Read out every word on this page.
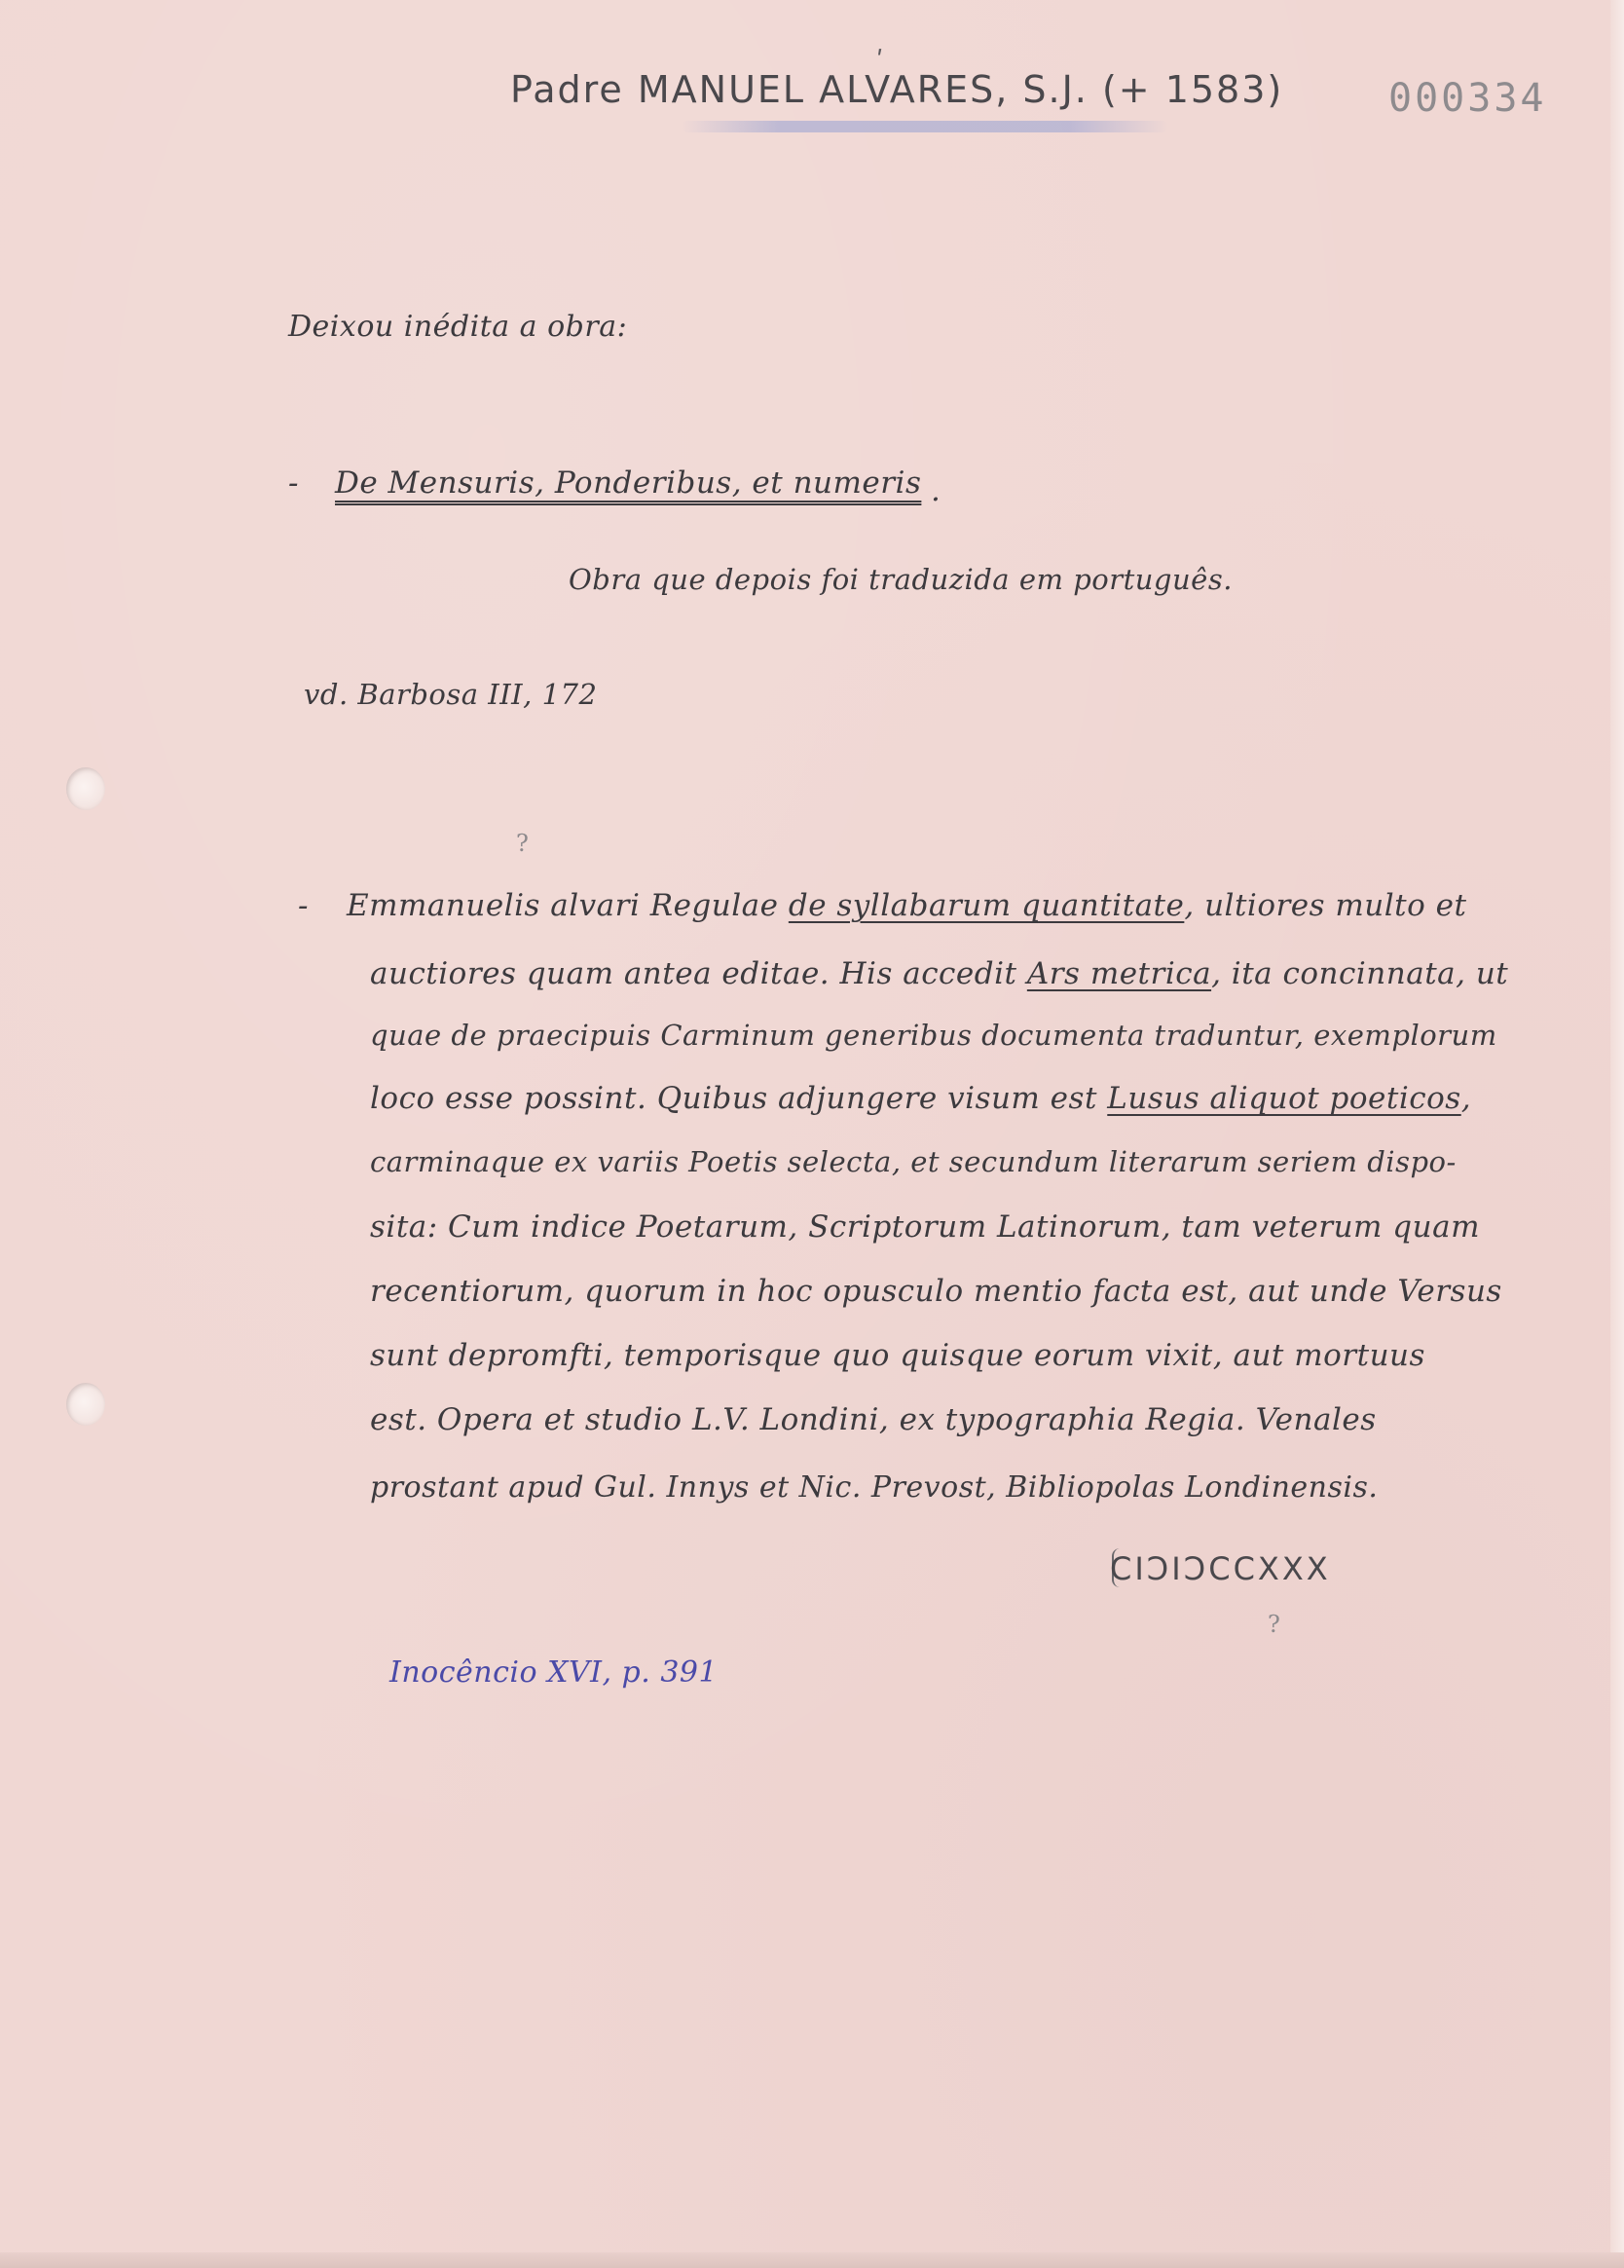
ʹ
Padre MANUEL ALVARES, S.J. (+ 1583)	000334
Deixou inédita a obra:
- De Mensuris, Ponderibus, et numeris .
Obra que depois foi traduzida em português.
vd. Barbosa III, 172
?
- Emmanuelis alvari Regulae de syllabarum quantitate, ultiores multo et
auctiores quam antea editae. His accedit Ars metrica, ita concinnata, ut
quae de praecipuis Carminum generibus documenta traduntur, exemplorum
loco esse possint. Quibus adjungere visum est Lusus aliquot poeticos,
carminaque ex variis Poetis selecta, et secundum literarum seriem dispo-
sita: Cum indice Poetarum, Scriptorum Latinorum, tam veterum quam
recentiorum, quorum in hoc opusculo mentio facta est, aut unde Versus
sunt depromfti, temporisque quo quisque eorum vixit, aut mortuus
est. Opera et studio L.V. Londini, ex typographia Regia. Venales
prostant apud Gul. Innys et Nic. Prevost, Bibliopolas Londinensis.
CIƆIƆCCXXX
?
Inocêncio XVI, p. 391
